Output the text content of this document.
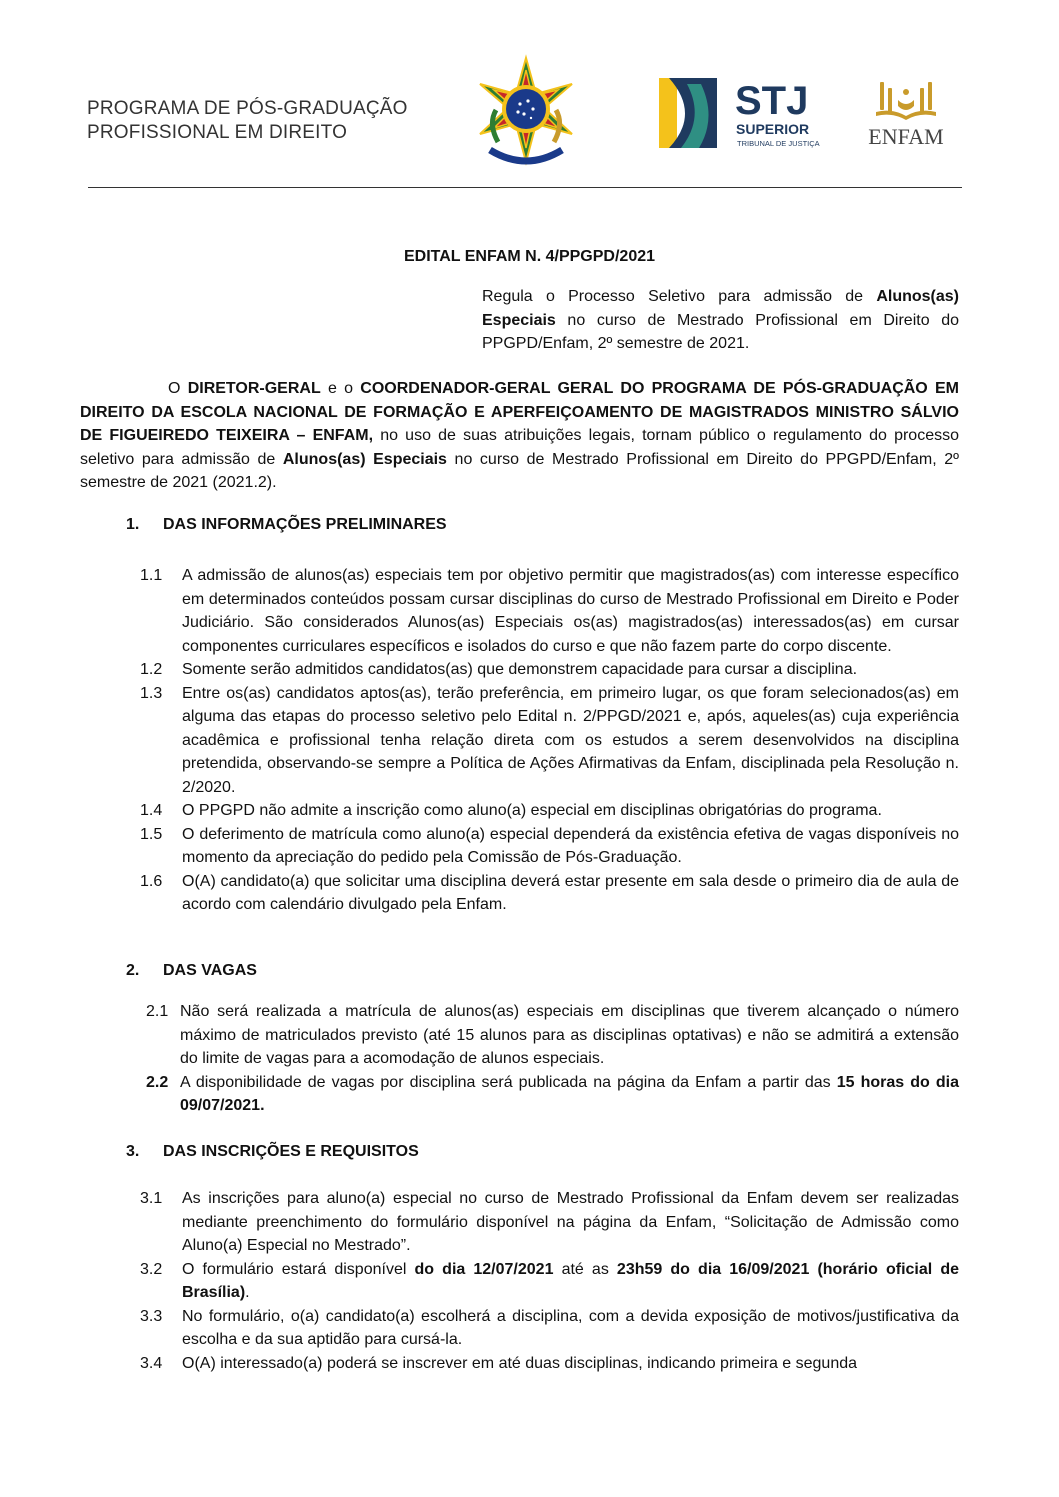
PROGRAMA DE PÓS-GRADUAÇÃO
PROFISSIONAL EM DIREITO
STJ
SUPERIOR
TRIBUNAL DE JUSTIÇA ENFAM
EDITAL ENFAM N. 4/PPGPD/2021
Regula o Processo Seletivo para admissão de Alunos(as) Especiais no curso de Mestrado Profissional em Direito do PPGPD/Enfam, 2º semestre de 2021.
O DIRETOR-GERAL e o COORDENADOR-GERAL GERAL DO PROGRAMA DE PÓS-GRADUAÇÃO EM DIREITO DA ESCOLA NACIONAL DE FORMAÇÃO E APERFEIÇOAMENTO DE MAGISTRADOS MINISTRO SÁLVIO DE FIGUEIREDO TEIXEIRA – ENFAM, no uso de suas atribuições legais, tornam público o regulamento do processo seletivo para admissão de Alunos(as) Especiais no curso de Mestrado Profissional em Direito do PPGPD/Enfam, 2º semestre de 2021 (2021.2).
1. DAS INFORMAÇÕES PRELIMINARES
1.1	A admissão de alunos(as) especiais tem por objetivo permitir que magistrados(as) com interesse específico em determinados conteúdos possam cursar disciplinas do curso de Mestrado Profissional em Direito e Poder Judiciário. São considerados Alunos(as) Especiais os(as) magistrados(as) interessados(as) em cursar componentes curriculares específicos e isolados do curso e que não fazem parte do corpo discente.
1.2	Somente serão admitidos candidatos(as) que demonstrem capacidade para cursar a disciplina.
1.3	Entre os(as) candidatos aptos(as), terão preferência, em primeiro lugar, os que foram selecionados(as) em alguma das etapas do processo seletivo pelo Edital n. 2/PPGD/2021 e, após, aqueles(as) cuja experiência acadêmica e profissional tenha relação direta com os estudos a serem desenvolvidos na disciplina pretendida, observando-se sempre a Política de Ações Afirmativas da Enfam, disciplinada pela Resolução n. 2/2020.
1.4	O PPGPD não admite a inscrição como aluno(a) especial em disciplinas obrigatórias do programa.
1.5	O deferimento de matrícula como aluno(a) especial dependerá da existência efetiva de vagas disponíveis no momento da apreciação do pedido pela Comissão de Pós-Graduação.
1.6	O(A) candidato(a) que solicitar uma disciplina deverá estar presente em sala desde o primeiro dia de aula de acordo com calendário divulgado pela Enfam.
2. DAS VAGAS
2.1 Não será realizada a matrícula de alunos(as) especiais em disciplinas que tiverem alcançado o número máximo de matriculados previsto (até 15 alunos para as disciplinas optativas) e não se admitirá a extensão do limite de vagas para a acomodação de alunos especiais.
2.2 A disponibilidade de vagas por disciplina será publicada na página da Enfam a partir das 15 horas do dia 09/07/2021.
3. DAS INSCRIÇÕES E REQUISITOS
3.1	As inscrições para aluno(a) especial no curso de Mestrado Profissional da Enfam devem ser realizadas mediante preenchimento do formulário disponível na página da Enfam, “Solicitação de Admissão como Aluno(a) Especial no Mestrado”.
3.2	O formulário estará disponível do dia 12/07/2021 até as 23h59 do dia 16/09/2021 (horário oficial de Brasília).
3.3	No formulário, o(a) candidato(a) escolherá a disciplina, com a devida exposição de motivos/justificativa da escolha e da sua aptidão para cursá-la.
3.4	O(A) interessado(a) poderá se inscrever em até duas disciplinas, indicando primeira e segunda
